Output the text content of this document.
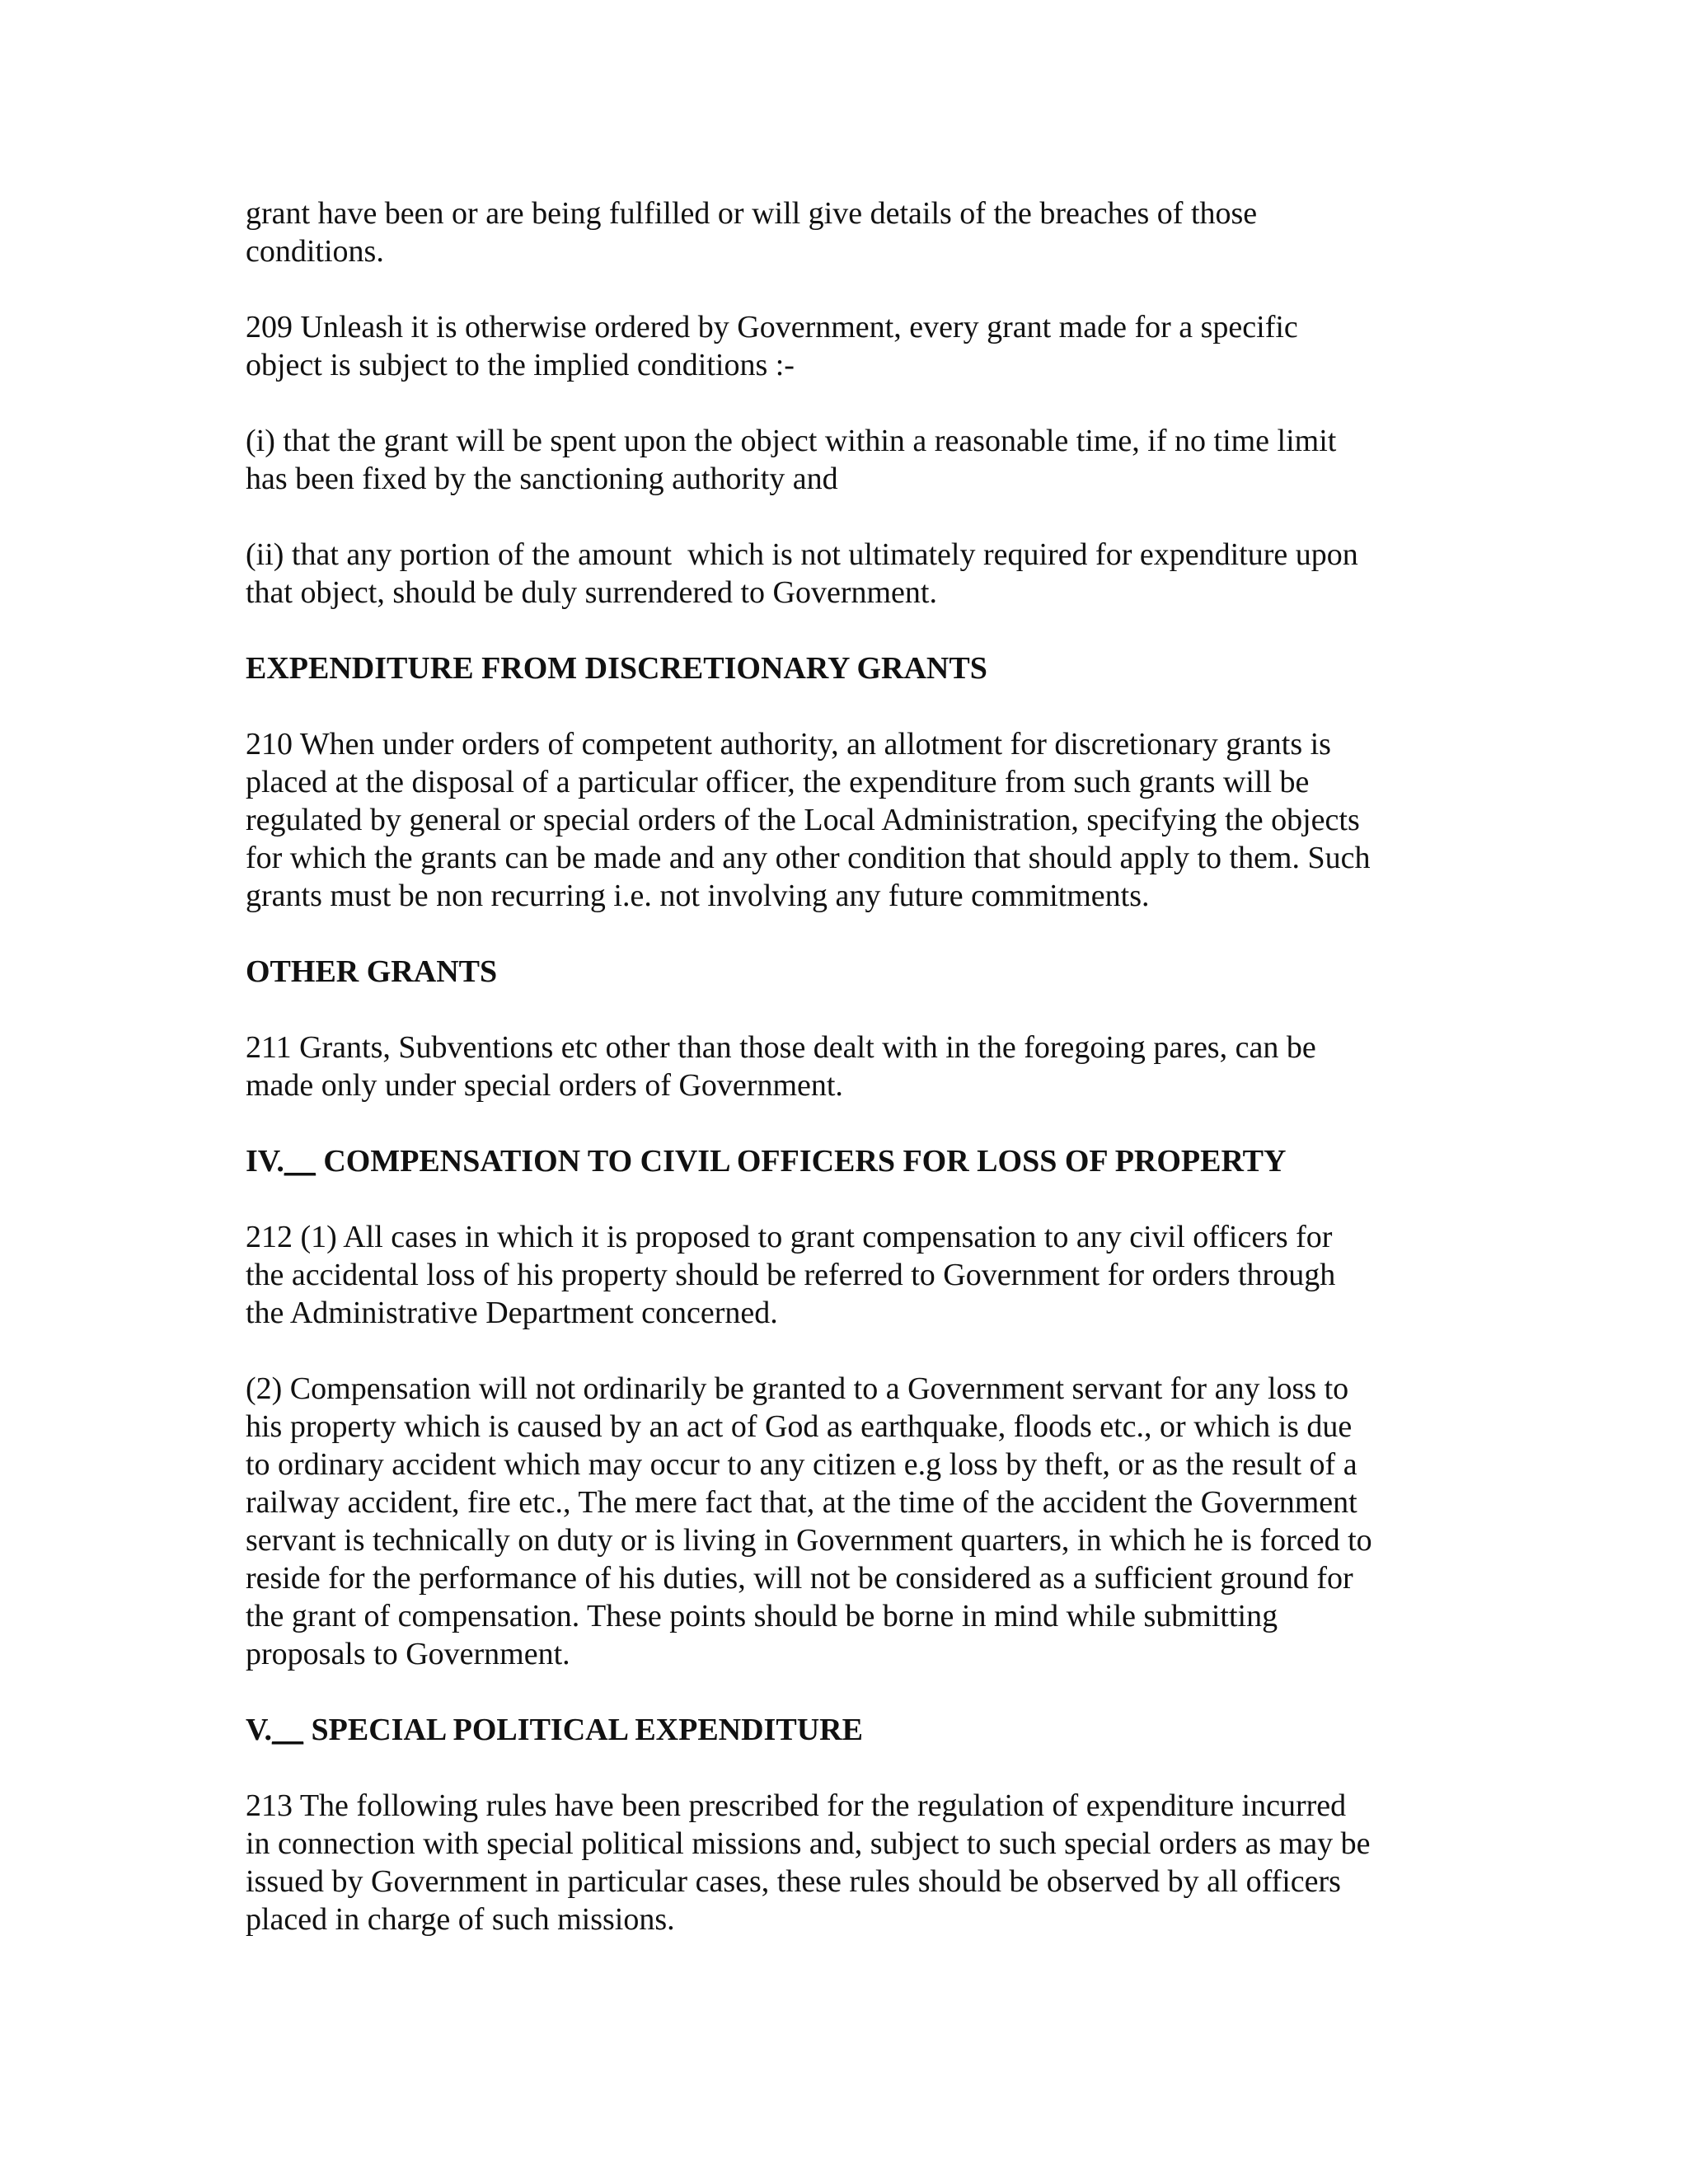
grant have been or are being fulfilled or will give details of the breaches of those
conditions.
209 Unleash it is otherwise ordered by Government, every grant made for a specific
object is subject to the implied conditions :-
(i) that the grant will be spent upon the object within a reasonable time, if no time limit
has been fixed by the sanctioning authority and
(ii) that any portion of the amount  which is not ultimately required for expenditure upon
that object, should be duly surrendered to Government.
EXPENDITURE FROM DISCRETIONARY GRANTS
210 When under orders of competent authority, an allotment for discretionary grants is
placed at the disposal of a particular officer, the expenditure from such grants will be
regulated by general or special orders of the Local Administration, specifying the objects
for which the grants can be made and any other condition that should apply to them. Such
grants must be non recurring i.e. not involving any future commitments.
OTHER GRANTS
211 Grants, Subventions etc other than those dealt with in the foregoing pares, can be
made only under special orders of Government.
IV.__ COMPENSATION TO CIVIL OFFICERS FOR LOSS OF PROPERTY
212 (1) All cases in which it is proposed to grant compensation to any civil officers for
the accidental loss of his property should be referred to Government for orders through
the Administrative Department concerned.
(2) Compensation will not ordinarily be granted to a Government servant for any loss to
his property which is caused by an act of God as earthquake, floods etc., or which is due
to ordinary accident which may occur to any citizen e.g loss by theft, or as the result of a
railway accident, fire etc., The mere fact that, at the time of the accident the Government
servant is technically on duty or is living in Government quarters, in which he is forced to
reside for the performance of his duties, will not be considered as a sufficient ground for
the grant of compensation. These points should be borne in mind while submitting
proposals to Government.
V.__ SPECIAL POLITICAL EXPENDITURE
213 The following rules have been prescribed for the regulation of expenditure incurred
in connection with special political missions and, subject to such special orders as may be
issued by Government in particular cases, these rules should be observed by all officers
placed in charge of such missions.
